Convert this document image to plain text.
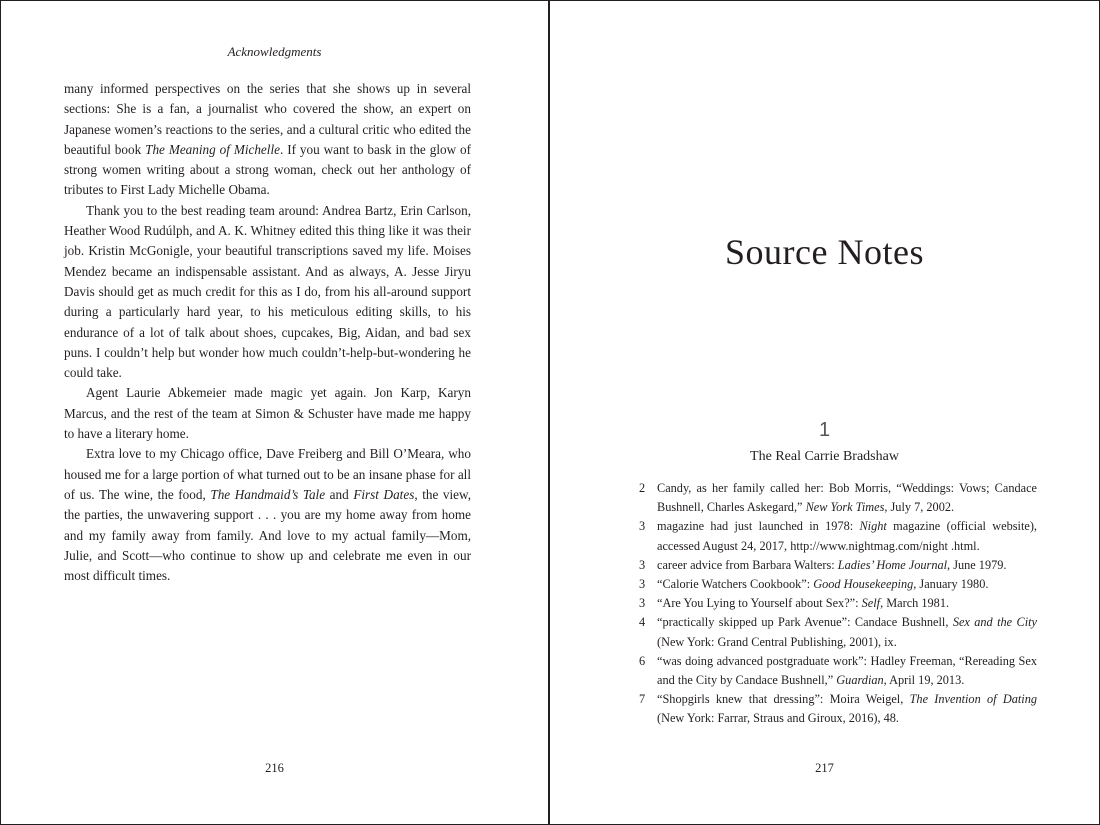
Acknowledgments

many informed perspectives on the series that she shows up in several sections: She is a fan, a journalist who covered the show, an expert on Japanese women’s reactions to the series, and a cultural critic who edited the beautiful book The Meaning of Michelle. If you want to bask in the glow of strong women writing about a strong woman, check out her anthology of tributes to First Lady Michelle Obama.

Thank you to the best reading team around: Andrea Bartz, Erin Carlson, Heather Wood Rudúlph, and A. K. Whitney edited this thing like it was their job. Kristin McGonigle, your beautiful transcriptions saved my life. Moises Mendez became an indispensable assistant. And as always, A. Jesse Jiryu Davis should get as much credit for this as I do, from his all-around support during a particularly hard year, to his meticulous editing skills, to his endurance of a lot of talk about shoes, cupcakes, Big, Aidan, and bad sex puns. I couldn’t help but wonder how much couldn’t-help-but-wondering he could take.

Agent Laurie Abkemeier made magic yet again. Jon Karp, Karyn Marcus, and the rest of the team at Simon & Schuster have made me happy to have a literary home.

Extra love to my Chicago office, Dave Freiberg and Bill O’Meara, who housed me for a large portion of what turned out to be an insane phase for all of us. The wine, the food, The Handmaid’s Tale and First Dates, the view, the parties, the unwavering support . . . you are my home away from home and my family away from family. And love to my actual family—Mom, Julie, and Scott—who continue to show up and celebrate me even in our most difficult times.

216
Source Notes
1
The Real Carrie Bradshaw
2 Candy, as her family called her: Bob Morris, “Weddings: Vows; Candace Bushnell, Charles Askegard,” New York Times, July 7, 2002.
3 magazine had just launched in 1978: Night magazine (official website), accessed August 24, 2017, http://www.nightmag.com/night .html.
3 career advice from Barbara Walters: Ladies’ Home Journal, June 1979.
3 “Calorie Watchers Cookbook”: Good Housekeeping, January 1980.
3 “Are You Lying to Yourself about Sex?”: Self, March 1981.
4 “practically skipped up Park Avenue”: Candace Bushnell, Sex and the City (New York: Grand Central Publishing, 2001), ix.
6 “was doing advanced postgraduate work”: Hadley Freeman, “Rereading Sex and the City by Candace Bushnell,” Guardian, April 19, 2013.
7 “Shopgirls knew that dressing”: Moira Weigel, The Invention of Dating (New York: Farrar, Straus and Giroux, 2016), 48.
217
